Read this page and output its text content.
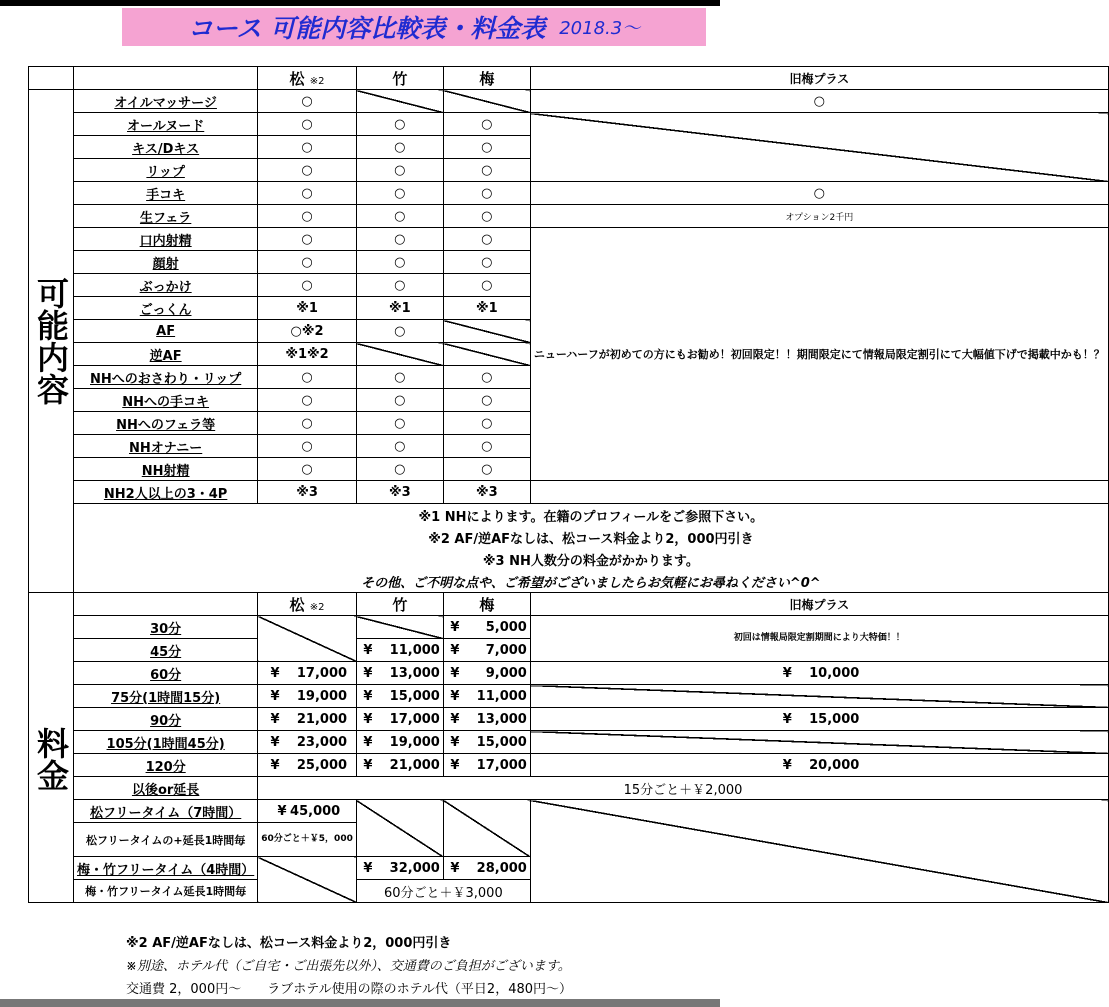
コース 可能内容比較表・料金表 2018.3〜
		松 ※2	竹	梅	旧梅プラス
可能内容	オイルマッサージ	○			○
	オールヌード	○	○	○	
	キス/Dキス	○	○	○	
	リップ	○	○	○	
	手コキ	○	○	○	○
	生フェラ	○	○	○	オプション2千円
	口内射精	○	○	○	ニューハーフが初めての方にもお勧め！初回限定！！期間限定にて情報局限定割引にて大幅値下げで掲載中かも！？
	顔射	○	○	○	
	ぶっかけ	○	○	○	
	ごっくん	※1	※1	※1	
	AF	○※2	○		
	逆AF	※1※2			
	NHへのおさわり・リップ	○	○	○	
	NHへの手コキ	○	○	○	
	NHへのフェラ等	○	○	○	
	NHオナニー	○	○	○	
	NH射精	○	○	○	
	NH2人以上の3・4P	※3	※3	※3	
	※1 NHによります。在籍のプロフィールをご参照下さい。				
	※2 AF/逆AFなしは、松コース料金より2，000円引き				
	※3 NH人数分の料金がかかります。				
	その他、ご不明な点や、ご希望がございましたらお気軽にお尋ねください^0^				
		松 ※2	竹	梅	旧梅プラス
料金	30分			¥ 5,000	初回は情報局限定割期間により大特価！！
	45分		¥ 11,000	¥ 7,000	
	60分	¥ 17,000	¥ 13,000	¥ 9,000	¥ 10,000
	75分(1時間15分)	¥ 19,000	¥ 15,000	¥ 11,000	
	90分	¥ 21,000	¥ 17,000	¥ 13,000	¥ 15,000
	105分(1時間45分)	¥ 23,000	¥ 19,000	¥ 15,000	
	120分	¥ 25,000	¥ 21,000	¥ 17,000	¥ 20,000
	以後or延長	15分ごと＋￥2,000			
	松フリータイム（7時間）	¥ 45,000			
	松フリータイムの+延長1時間毎	60分ごと＋￥5，000			
	梅・竹フリータイム（4時間）		¥ 32,000	¥ 28,000	
	梅・竹フリータイム延長1時間毎		60分ごと＋￥3,000		
※2 AF/逆AFなしは、松コース料金より2，000円引き
※別途、ホテル代（ご自宅・ご出張先以外）、交通費のご負担がございます。
交通費 2，000円〜　　ラブホテル使用の際のホテル代（平日2，480円〜）
